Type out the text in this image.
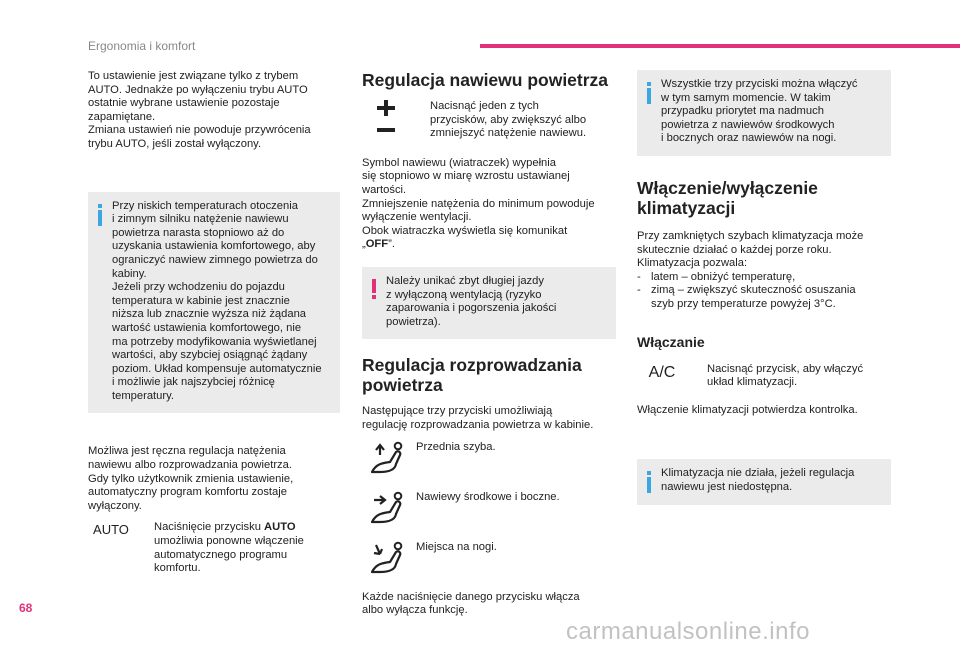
Ergonomia i komfort
To ustawienie jest związane tylko z trybem
AUTO. Jednakże po wyłączeniu trybu AUTO
ostatnie wybrane ustawienie pozostaje
zapamiętane.
Zmiana ustawień nie powoduje przywrócenia
trybu AUTO, jeśli został wyłączony.
Przy niskich temperaturach otoczenia
i zimnym silniku natężenie nawiewu
powietrza narasta stopniowo aż do
uzyskania ustawienia komfortowego, aby
ograniczyć nawiew zimnego powietrza do
kabiny.
Jeżeli przy wchodzeniu do pojazdu
temperatura w kabinie jest znacznie
niższa lub znacznie wyższa niż żądana
wartość ustawienia komfortowego, nie
ma potrzeby modyfikowania wyświetlanej
wartości, aby szybciej osiągnąć żądany
poziom. Układ kompensuje automatycznie
i możliwie jak najszybciej różnicę
temperatury.
Możliwa jest ręczna regulacja natężenia
nawiewu albo rozprowadzania powietrza.
Gdy tylko użytkownik zmienia ustawienie,
automatyczny program komfortu zostaje
wyłączony.
AUTO Naciśnięcie przycisku AUTO
umożliwia ponowne włączenie
automatycznego programu
komfortu.
Regulacja nawiewu powietrza
Nacisnąć jeden z tych
przycisków, aby zwiększyć albo
zmniejszyć natężenie nawiewu.
Symbol nawiewu (wiatraczek) wypełnia
się stopniowo w miarę wzrostu ustawianej
wartości.
Zmniejszenie natężenia do minimum powoduje
wyłączenie wentylacji.
Obok wiatraczka wyświetla się komunikat
„OFF”.
Należy unikać zbyt długiej jazdy
z wyłączoną wentylacją (ryzyko
zaparowania i pogorszenia jakości
powietrza).
Regulacja rozprowadzania
powietrza
Następujące trzy przyciski umożliwiają
regulację rozprowadzania powietrza w kabinie.
Przednia szyba.
Nawiewy środkowe i boczne.
Miejsca na nogi.
Każde naciśnięcie danego przycisku włącza
albo wyłącza funkcję.
Wszystkie trzy przyciski można włączyć
w tym samym momencie. W takim
przypadku priorytet ma nadmuch
powietrza z nawiewów środkowych
i bocznych oraz nawiewów na nogi.
Włączenie/wyłączenie
klimatyzacji
Przy zamkniętych szybach klimatyzacja może
skutecznie działać o każdej porze roku.
Klimatyzacja pozwala:
- latem – obniżyć temperaturę,
- zimą – zwiększyć skuteczność osuszania
szyb przy temperaturze powyżej 3°C.
Włączanie
A/C	Nacisnąć przycisk, aby włączyć
układ klimatyzacji.
Włączenie klimatyzacji potwierdza kontrolka.
Klimatyzacja nie działa, jeżeli regulacja
nawiewu jest niedostępna.
68
carmanualsonline.info
